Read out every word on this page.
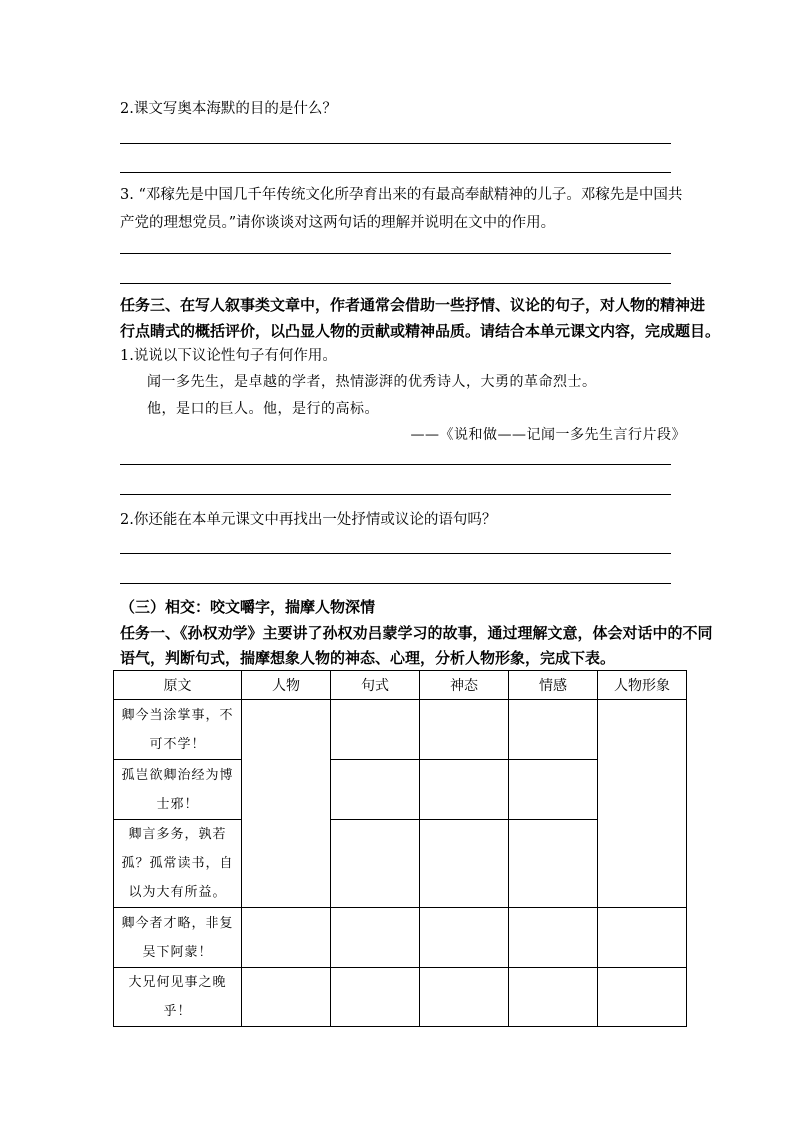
2.课文写奥本海默的目的是什么？
3. “邓稼先是中国几千年传统文化所孕育出来的有最高奉献精神的儿子。邓稼先是中国共
产党的理想党员。”请你谈谈对这两句话的理解并说明在文中的作用。
任务三、在写人叙事类文章中，作者通常会借助一些抒情、议论的句子，对人物的精神进
行点睛式的概括评价，以凸显人物的贡献或精神品质。请结合本单元课文内容，完成题目。
1.说说以下议论性句子有何作用。
闻一多先生，是卓越的学者，热情澎湃的优秀诗人，大勇的革命烈士。
他，是口的巨人。他，是行的高标。
——《说和做——记闻一多先生言行片段》
2.你还能在本单元课文中再找出一处抒情或议论的语句吗？
（三）相交：咬文嚼字，揣摩人物深情
任务一、《孙权劝学》主要讲了孙权劝吕蒙学习的故事，通过理解文意，体会对话中的不同
语气，判断句式，揣摩想象人物的神态、心理，分析人物形象，完成下表。
原文	人物	句式	神态	情感	人物形象

卿今当涂掌事，不可不学！					

孤岂欲卿治经为博士邪！					

卿言多务，孰若孤？孤常读书，自以为大有所益。					

卿今者才略，非复吴下阿蒙！					

大兄何见事之晚乎！					
